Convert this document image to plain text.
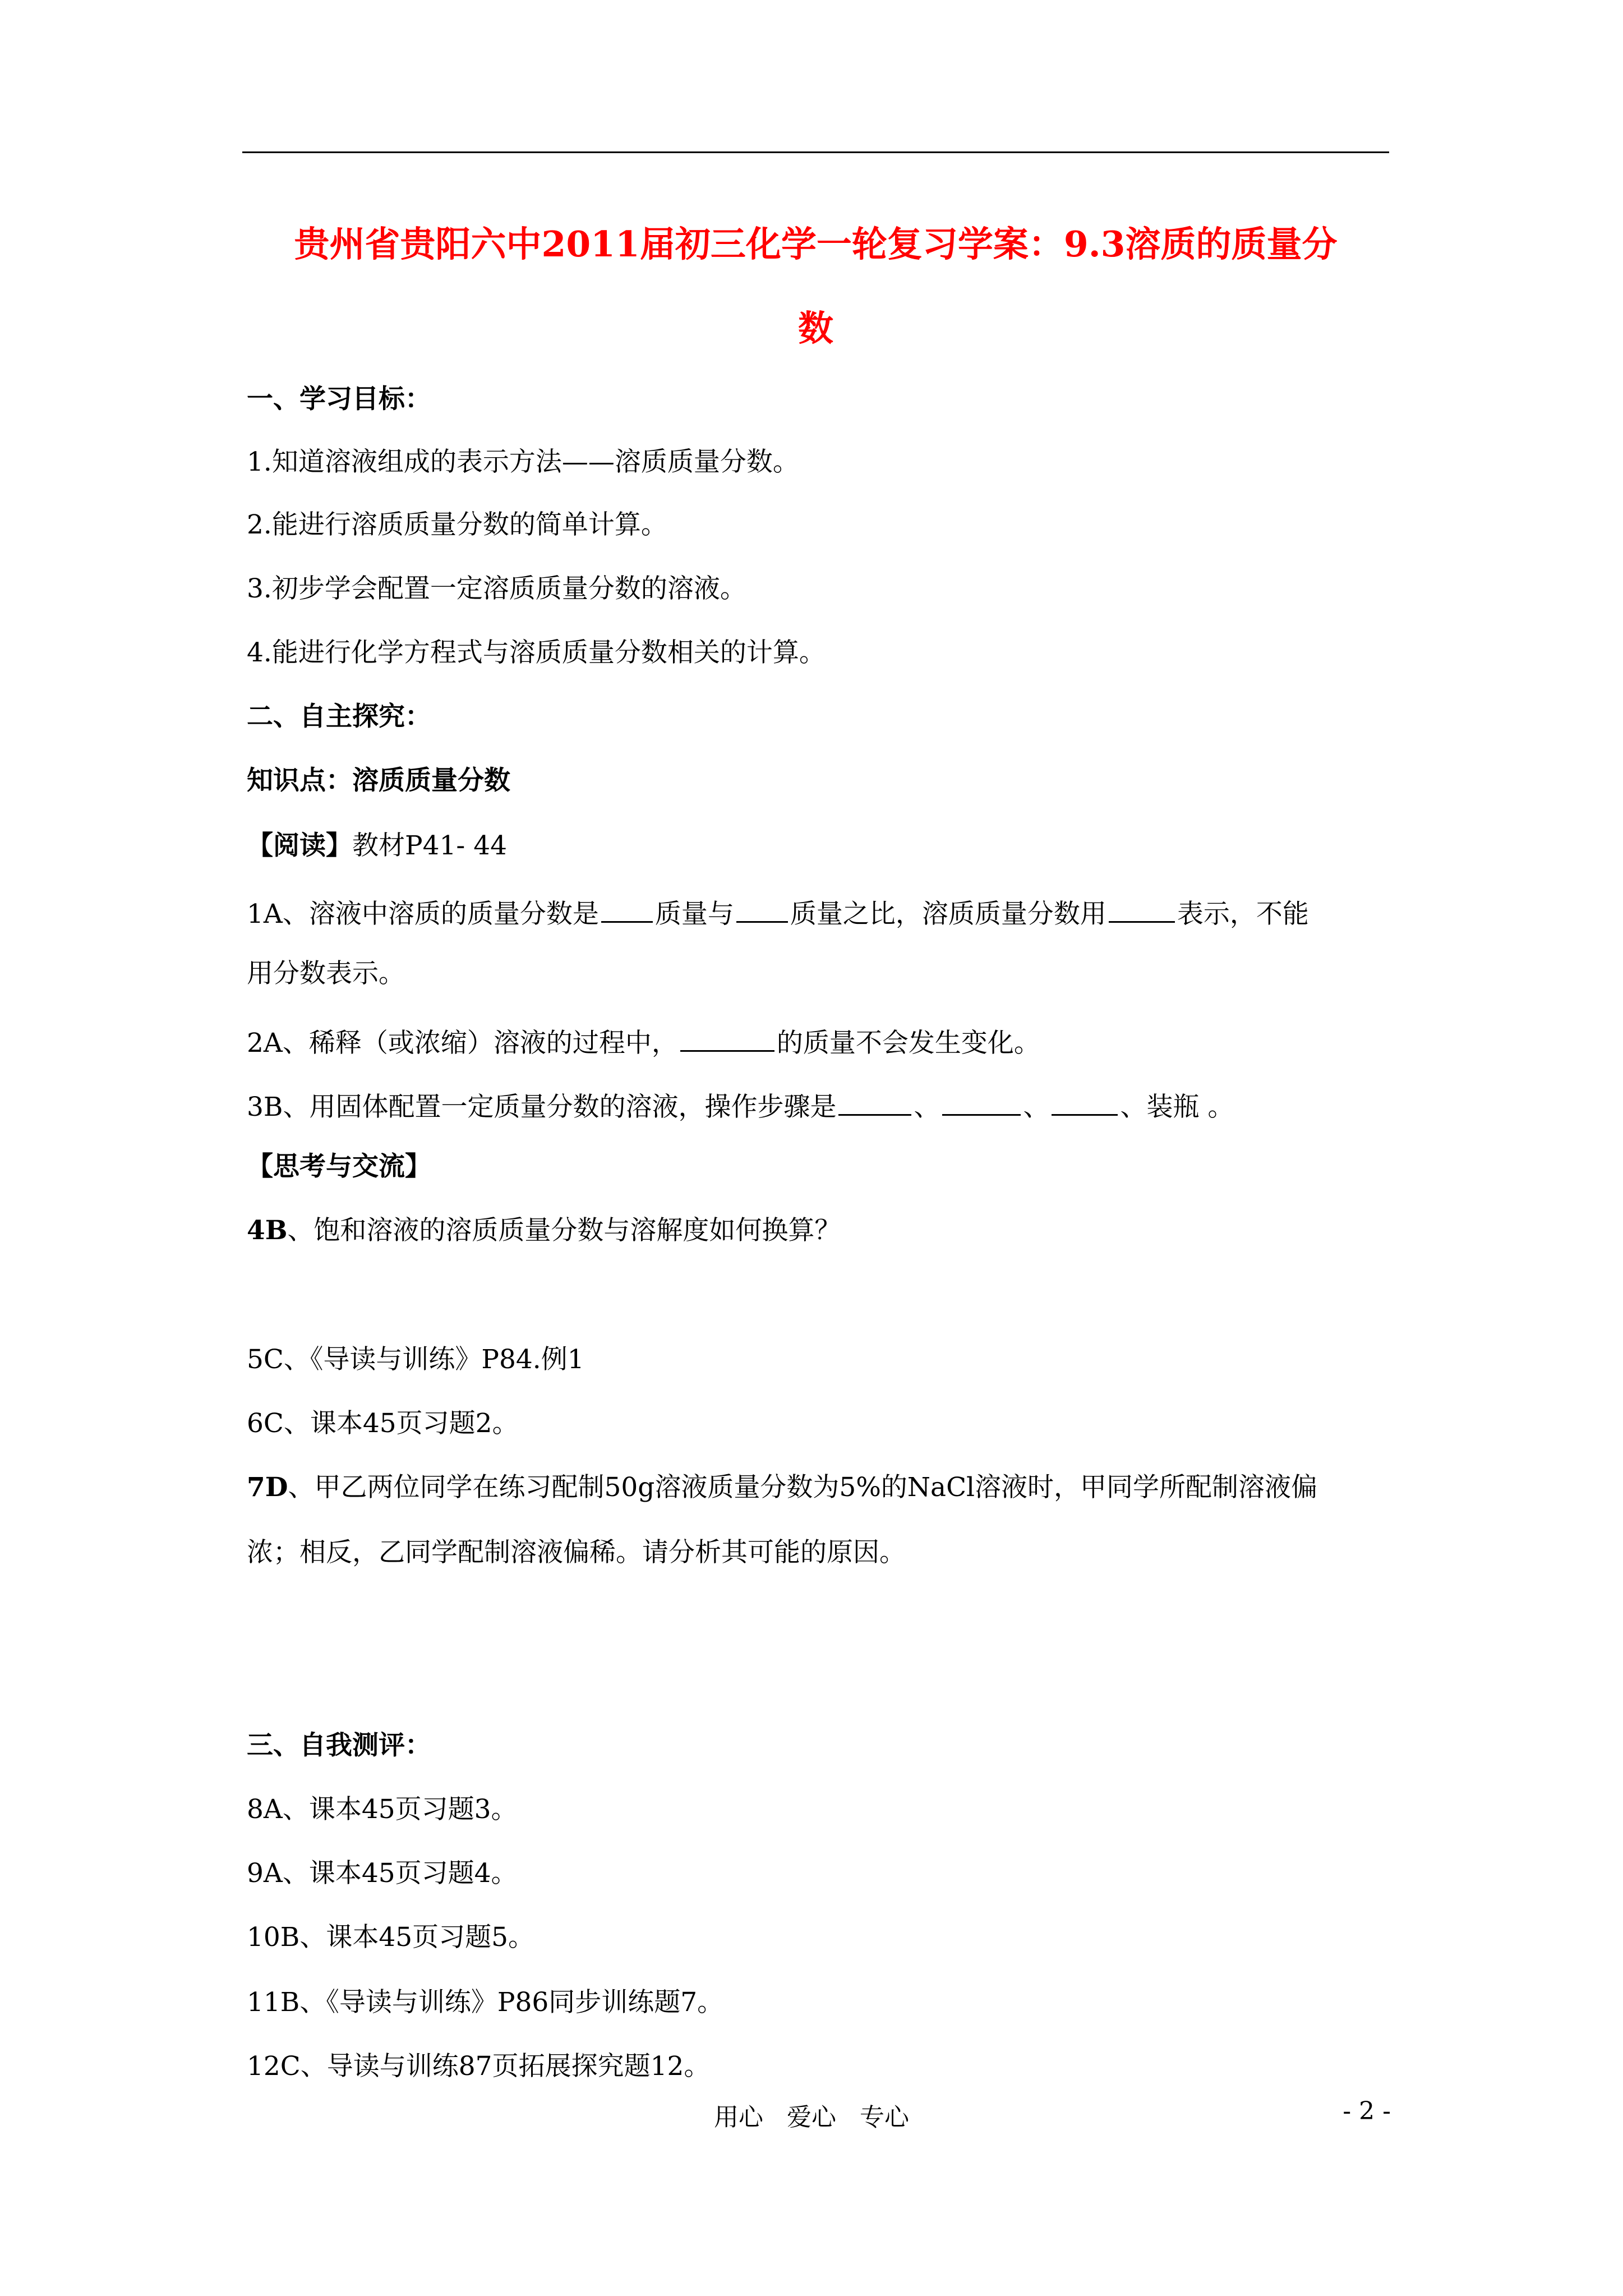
贵州省贵阳六中2011届初三化学一轮复习学案：9.3溶质的质量分
数
一、学习目标：
1.知道溶液组成的表示方法——溶质质量分数。
2.能进行溶质质量分数的简单计算。
3.初步学会配置一定溶质质量分数的溶液。
4.能进行化学方程式与溶质质量分数相关的计算。
二、自主探究：
知识点：溶质质量分数
【阅读】教材P41- 44
1A、溶液中溶质的质量分数是 质量与 质量之比，溶质质量分数用	表示，不能
用分数表示。
2A、稀释（或浓缩）溶液的过程中，	的质量不会发生变化。
3B、用固体配置一定质量分数的溶液，操作步骤是	、	、	、装瓶 。
【思考与交流】
4B、饱和溶液的溶质质量分数与溶解度如何换算？
5C、《导读与训练》P84.例1
6C、课本45页习题2。
7D、甲乙两位同学在练习配制50g溶液质量分数为5%的NaCl溶液时，甲同学所配制溶液偏
浓；相反，乙同学配制溶液偏稀。请分析其可能的原因。
三、自我测评：
8A、课本45页习题3。
9A、课本45页习题4。
10B、课本45页习题5。
11B、《导读与训练》P86同步训练题7。
12C、导读与训练87页拓展探究题12。
用心   爱心   专心	- 2 -
